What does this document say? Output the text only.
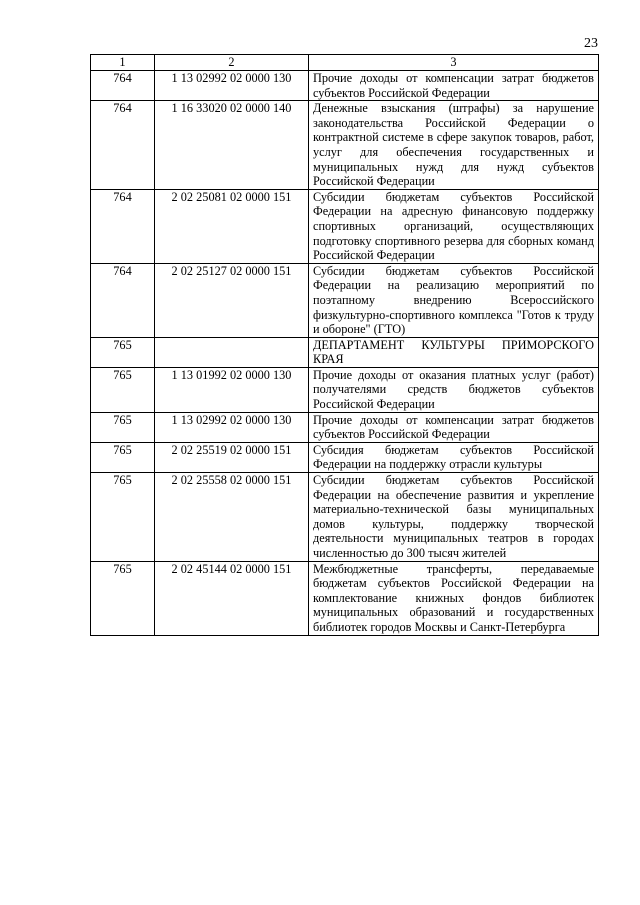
23
1	2	3
764	1 13 02992 02 0000 130	Прочие доходы от компенсации затрат бюджетов субъектов Российской Федерации
764	1 16 33020 02 0000 140	Денежные взыскания (штрафы) за нарушение законодательства Российской Федерации о контрактной системе в сфере закупок товаров, работ, услуг для обеспечения государственных и муниципальных нужд для нужд субъектов Российской Федерации
764	2 02 25081 02 0000 151	Субсидии бюджетам субъектов Российской Федерации на адресную финансовую поддержку спортивных организаций, осуществляющих подготовку спортивного резерва для сборных команд Российской Федерации
764	2 02 25127 02 0000 151	Субсидии бюджетам субъектов Российской Федерации на реализацию мероприятий по поэтапному внедрению Всероссийского физкультурно-спортивного комплекса "Готов к труду и обороне" (ГТО)
765		ДЕПАРТАМЕНТ КУЛЬТУРЫ ПРИМОРСКОГО КРАЯ
765	1 13 01992 02 0000 130	Прочие доходы от оказания платных услуг (работ) получателями средств бюджетов субъектов Российской Федерации
765	1 13 02992 02 0000 130	Прочие доходы от компенсации затрат бюджетов субъектов Российской Федерации
765	2 02 25519 02 0000 151	Субсидия бюджетам субъектов Российской Федерации на поддержку отрасли культуры
765	2 02 25558 02 0000 151	Субсидии бюджетам субъектов Российской Федерации на обеспечение развития и укрепление материально-технической базы муниципальных домов культуры, поддержку творческой деятельности муниципальных театров в городах численностью до 300 тысяч жителей
765	2 02 45144 02 0000 151	Межбюджетные трансферты, передаваемые бюджетам субъектов Российской Федерации на комплектование книжных фондов библиотек муниципальных образований и государственных библиотек городов Москвы и Санкт-Петербурга
